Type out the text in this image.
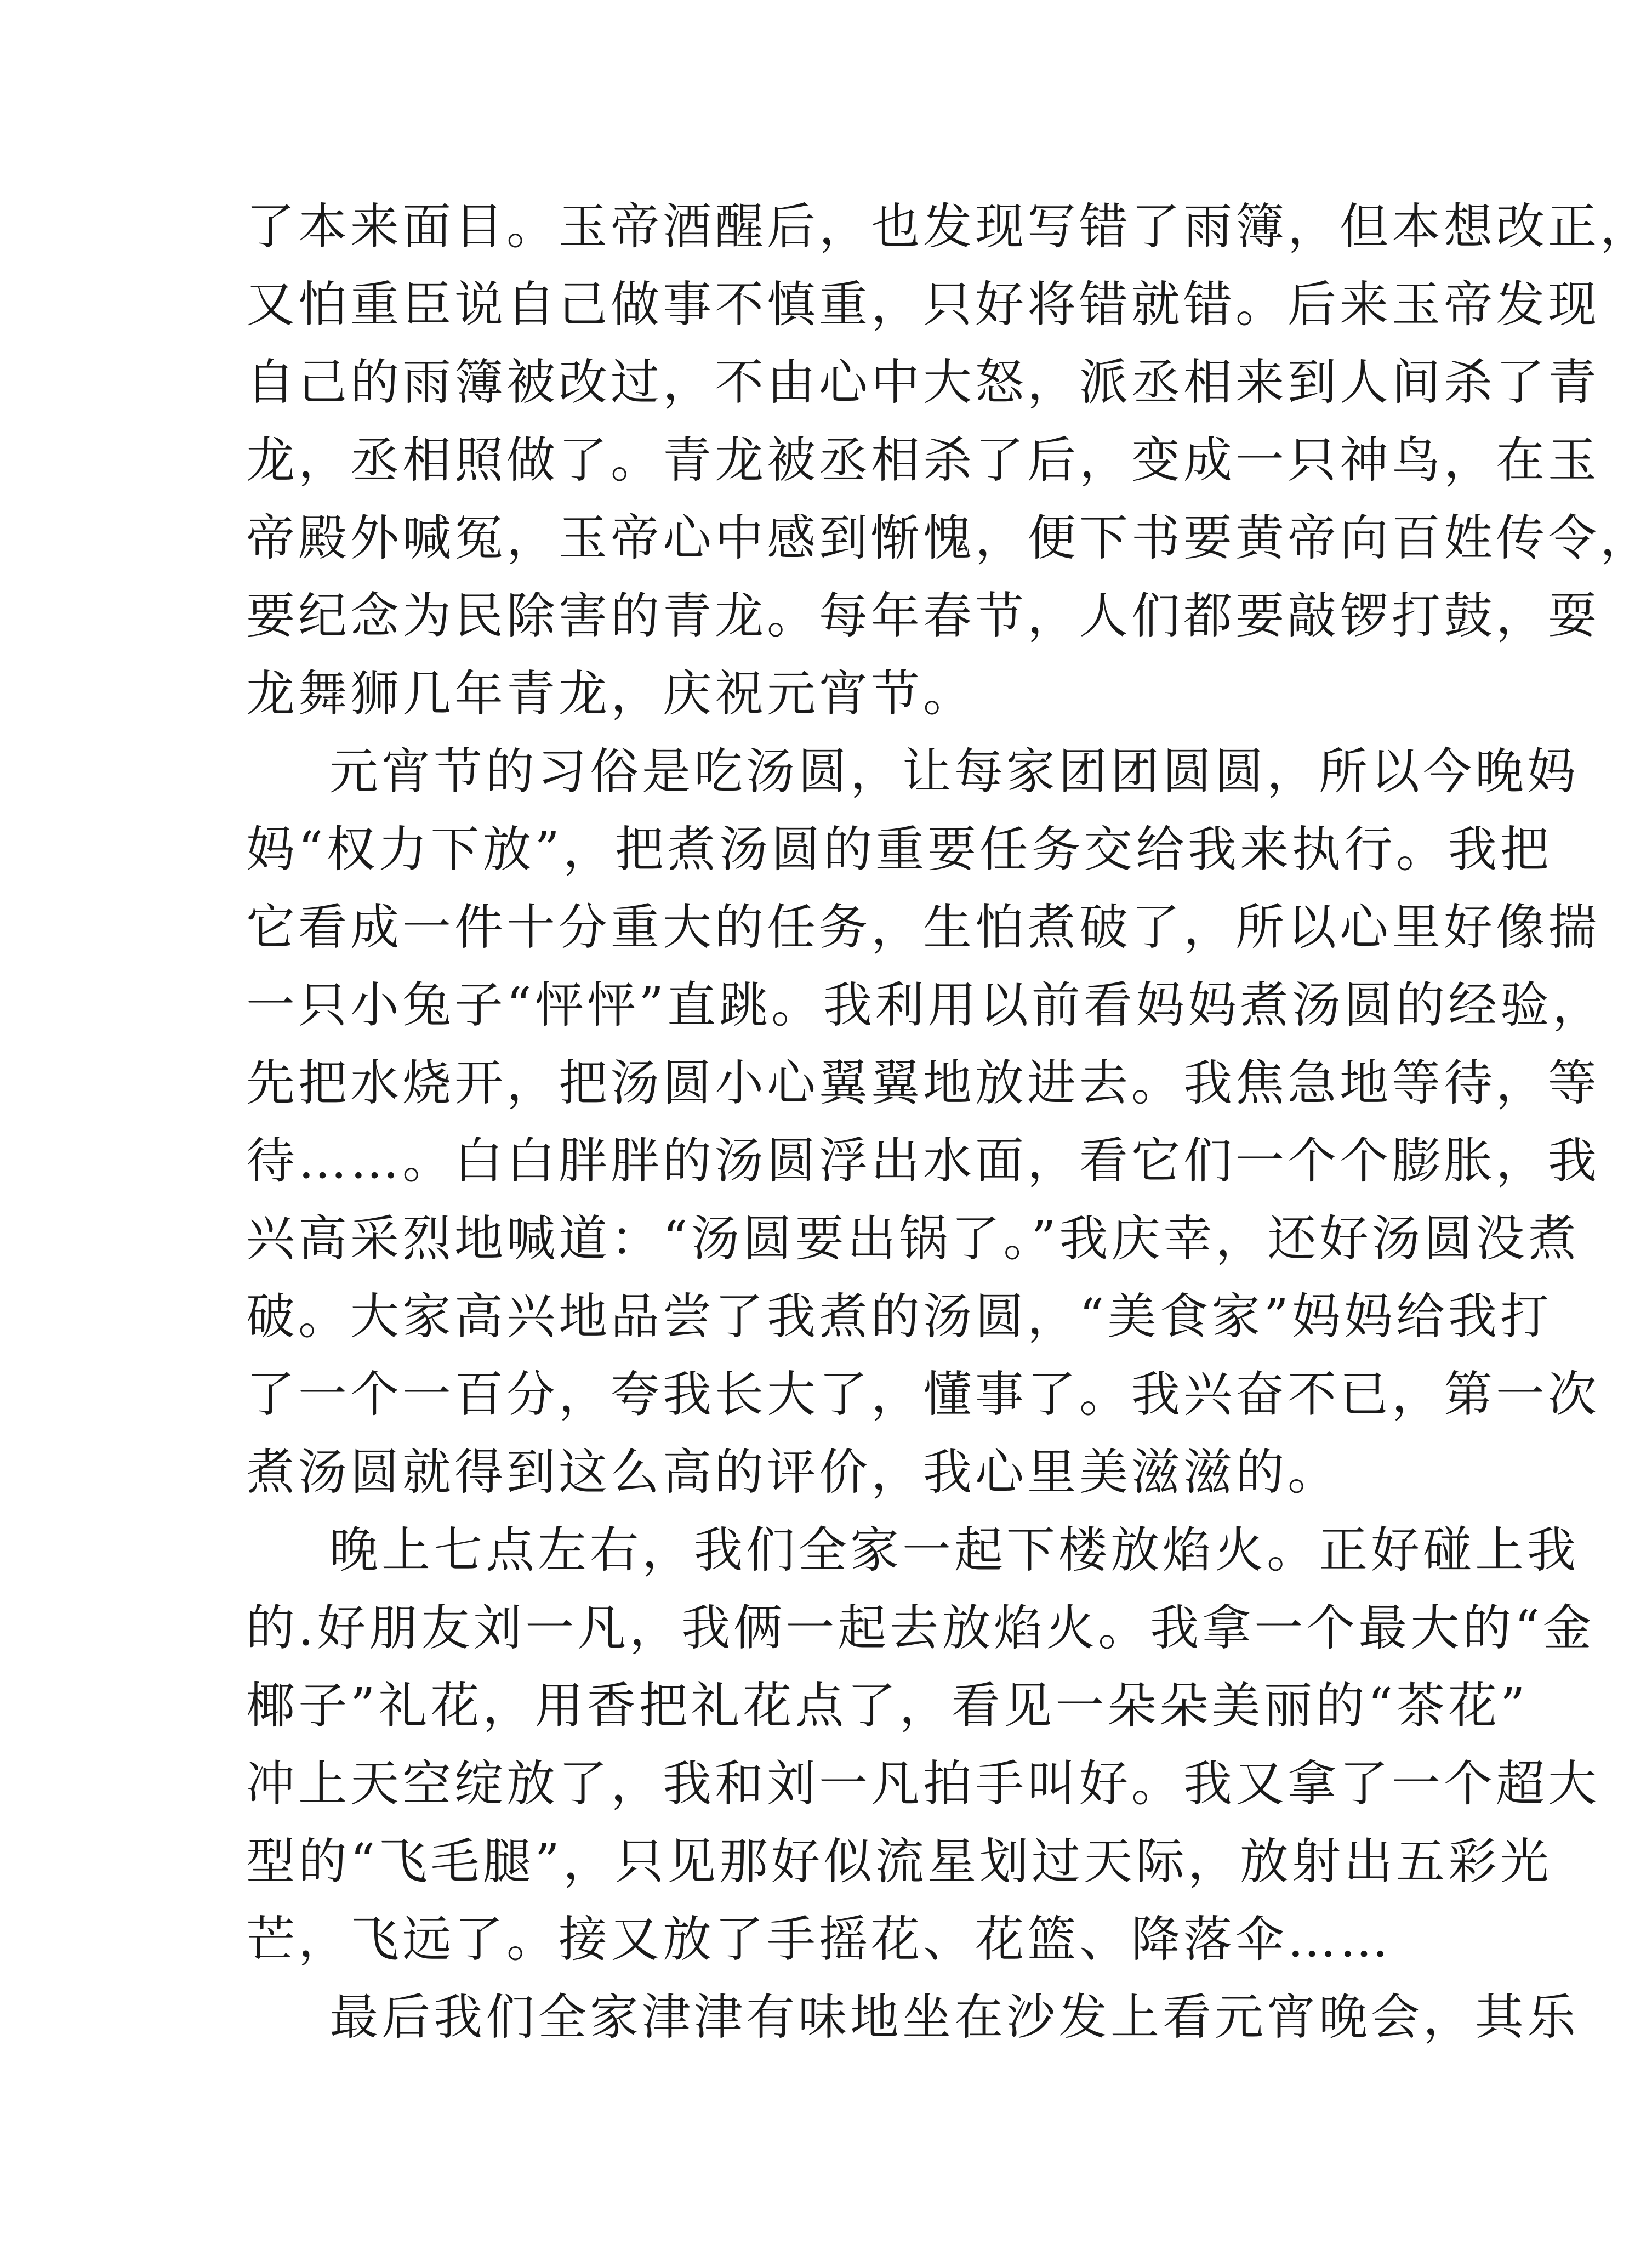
了本来面目。玉帝酒醒后，也发现写错了雨簿，但本想改正，
又怕重臣说自己做事不慎重，只好将错就错。后来玉帝发现
自己的雨簿被改过，不由心中大怒，派丞相来到人间杀了青
龙，丞相照做了。青龙被丞相杀了后，变成一只神鸟，在玉
帝殿外喊冤，玉帝心中感到惭愧，便下书要黄帝向百姓传令，
要纪念为民除害的青龙。每年春节，人们都要敲锣打鼓，耍
龙舞狮几年青龙，庆祝元宵节。
元宵节的习俗是吃汤圆，让每家团团圆圆，所以今晚妈
妈“权力下放”，把煮汤圆的重要任务交给我来执行。我把
它看成一件十分重大的任务，生怕煮破了，所以心里好像揣
一只小兔子“怦怦”直跳。我利用以前看妈妈煮汤圆的经验，
先把水烧开，把汤圆小心翼翼地放进去。我焦急地等待，等
待……。白白胖胖的汤圆浮出水面，看它们一个个膨胀，我
兴高采烈地喊道：“汤圆要出锅了。”我庆幸，还好汤圆没煮
破。大家高兴地品尝了我煮的汤圆，“美食家”妈妈给我打
了一个一百分，夸我长大了，懂事了。我兴奋不已，第一次
煮汤圆就得到这么高的评价，我心里美滋滋的。
晚上七点左右，我们全家一起下楼放焰火。正好碰上我
的.好朋友刘一凡，我俩一起去放焰火。我拿一个最大的“金
椰子”礼花，用香把礼花点了，看见一朵朵美丽的“茶花”
冲上天空绽放了，我和刘一凡拍手叫好。我又拿了一个超大
型的“飞毛腿”，只见那好似流星划过天际，放射出五彩光
芒，飞远了。接又放了手摇花、花篮、降落伞……
最后我们全家津津有味地坐在沙发上看元宵晚会，其乐
